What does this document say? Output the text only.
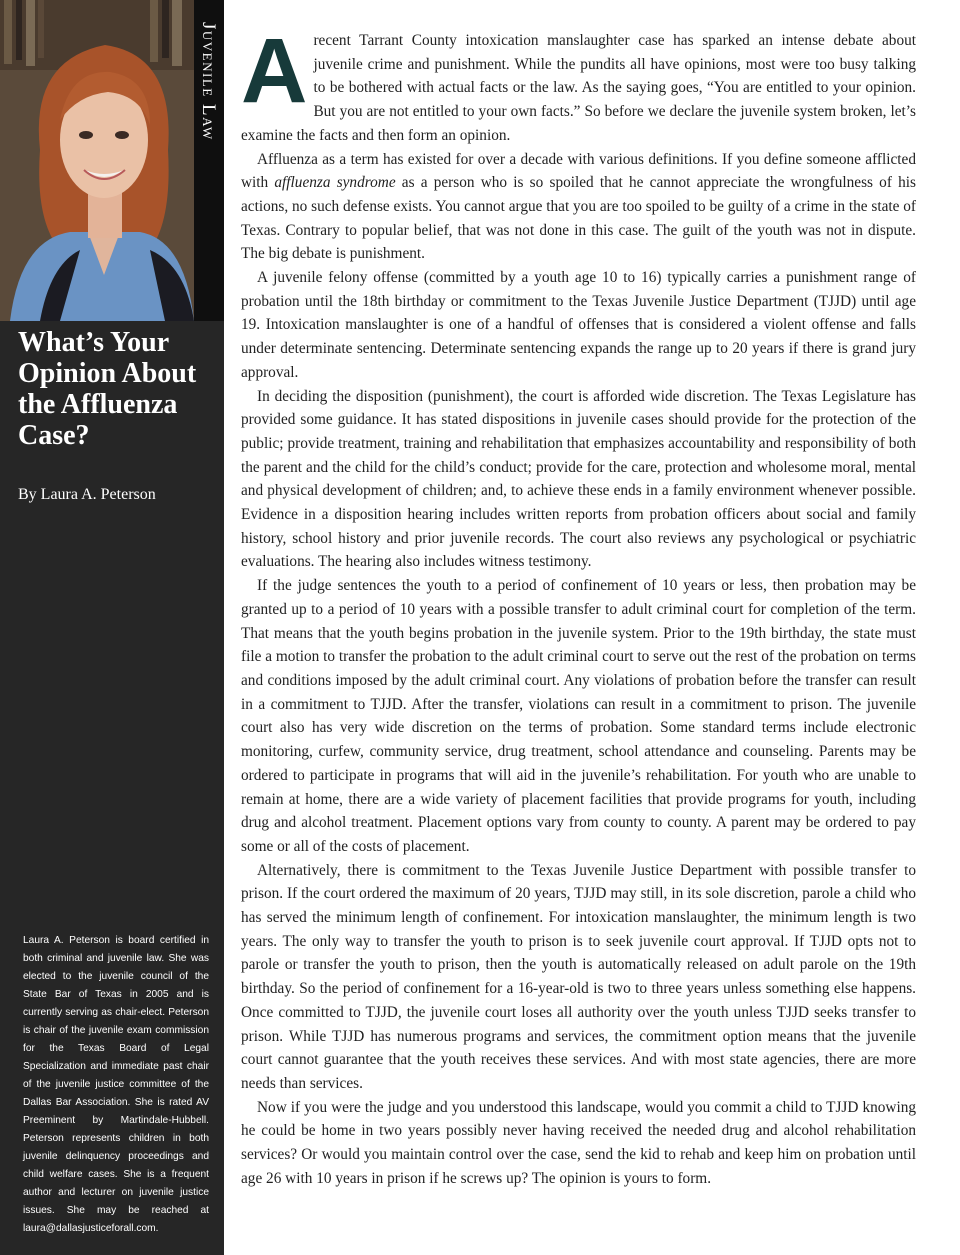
Juvenile Law
What’s Your Opinion About the Affluenza Case?
By Laura A. Peterson
Laura A. Peterson is board certified in both criminal and juvenile law. She was elected to the juvenile council of the State Bar of Texas in 2005 and is currently serving as chair-elect. Peterson is chair of the juvenile exam commission for the Texas Board of Legal Specialization and immediate past chair of the juvenile justice committee of the Dallas Bar Association. She is rated AV Preeminent by Martindale-Hubbell. Peterson represents children in both juvenile delinquency proceedings and child welfare cases. She is a frequent author and lecturer on juvenile justice issues. She may be reached at laura@dallasjusticeforall.com.

A recent Tarrant County intoxication manslaughter case has sparked an intense debate about juvenile crime and punishment. While the pundits all have opinions, most were too busy talking to be bothered with actual facts or the law. As the saying goes, “You are entitled to your opinion. But you are not entitled to your own facts.” So before we declare the juvenile system broken, let’s examine the facts and then form an opinion.

Affluenza as a term has existed for over a decade with various definitions. If you define someone afflicted with affluenza syndrome as a person who is so spoiled that he cannot appreciate the wrongfulness of his actions, no such defense exists. You cannot argue that you are too spoiled to be guilty of a crime in the state of Texas. Contrary to popular belief, that was not done in this case. The guilt of the youth was not in dispute. The big debate is punishment.

A juvenile felony offense (committed by a youth age 10 to 16) typically carries a punishment range of probation until the 18th birthday or commitment to the Texas Juvenile Justice Department (TJJD) until age 19. Intoxication manslaughter is one of a handful of offenses that is considered a violent offense and falls under determinate sentencing. Determinate sentencing expands the range up to 20 years if there is grand jury approval.

In deciding the disposition (punishment), the court is afforded wide discretion. The Texas Legislature has provided some guidance. It has stated dispositions in juvenile cases should provide for the protection of the public; provide treatment, training and rehabilitation that emphasizes accountability and responsibility of both the parent and the child for the child’s conduct; provide for the care, protection and wholesome moral, mental and physical development of children; and, to achieve these ends in a family environment whenever possible. Evidence in a disposition hearing includes written reports from probation officers about social and family history, school history and prior juvenile records. The court also reviews any psychological or psychiatric evaluations. The hearing also includes witness testimony.

If the judge sentences the youth to a period of confinement of 10 years or less, then probation may be granted up to a period of 10 years with a possible transfer to adult criminal court for completion of the term. That means that the youth begins probation in the juvenile system. Prior to the 19th birthday, the state must file a motion to transfer the probation to the adult criminal court to serve out the rest of the probation on terms and conditions imposed by the adult criminal court. Any violations of probation before the transfer can result in a commitment to TJJD. After the transfer, violations can result in a commitment to prison. The juvenile court also has very wide discretion on the terms of probation. Some standard terms include electronic monitoring, curfew, community service, drug treatment, school attendance and counseling. Parents may be ordered to participate in programs that will aid in the juvenile’s rehabilitation. For youth who are unable to remain at home, there are a wide variety of placement facilities that provide programs for youth, including drug and alcohol treatment. Placement options vary from county to county. A parent may be ordered to pay some or all of the costs of placement.

Alternatively, there is commitment to the Texas Juvenile Justice Department with possible transfer to prison. If the court ordered the maximum of 20 years, TJJD may still, in its sole discretion, parole a child who has served the minimum length of confinement. For intoxication manslaughter, the minimum length is two years. The only way to transfer the youth to prison is to seek juvenile court approval. If TJJD opts not to parole or transfer the youth to prison, then the youth is automatically released on adult parole on the 19th birthday. So the period of confinement for a 16-year-old is two to three years unless something else happens. Once committed to TJJD, the juvenile court loses all authority over the youth unless TJJD seeks transfer to prison. While TJJD has numerous programs and services, the commitment option means that the juvenile court cannot guarantee that the youth receives these services. And with most state agencies, there are more needs than services.

Now if you were the judge and you understood this landscape, would you commit a child to TJJD knowing he could be home in two years possibly never having received the needed drug and alcohol rehabilitation services? Or would you maintain control over the case, send the kid to rehab and keep him on probation until age 26 with 10 years in prison if he screws up? The opinion is yours to form.
